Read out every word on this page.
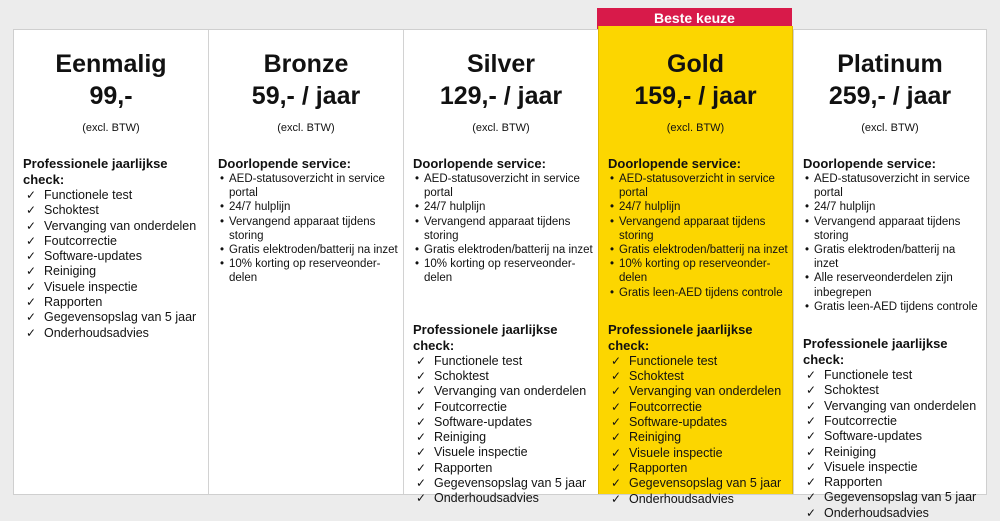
Beste keuze
Eenmalig
99,-
(excl. BTW)
Professionele jaarlijkse check:
✓ Functionele test
✓ Schoktest
✓ Vervanging van onderdelen
✓ Foutcorrectie
✓ Software-updates
✓ Reiniging
✓ Visuele inspectie
✓ Rapporten
✓ Gegevensopslag van 5 jaar
✓ Onderhoudsadvies
Bronze
59,- / jaar
(excl. BTW)
Doorlopende service:
• AED-statusoverzicht in service portal
• 24/7 hulplijn
• Vervangend apparaat tijdens storing
• Gratis elektroden/batterij na inzet
• 10% korting op reserveonder- delen
Silver
129,- / jaar
(excl. BTW)
Doorlopende service:
• AED-statusoverzicht in service portal
• 24/7 hulplijn
• Vervangend apparaat tijdens storing
• Gratis elektroden/batterij na inzet
• 10% korting op reserveonder- delen
Professionele jaarlijkse check:
✓ Functionele test
✓ Schoktest
✓ Vervanging van onderdelen
✓ Foutcorrectie
✓ Software-updates
✓ Reiniging
✓ Visuele inspectie
✓ Rapporten
✓ Gegevensopslag van 5 jaar
✓ Onderhoudsadvies
Gold
159,- / jaar
(excl. BTW)
Doorlopende service:
• AED-statusoverzicht in service portal
• 24/7 hulplijn
• Vervangend apparaat tijdens storing
• Gratis elektroden/batterij na inzet
• 10% korting op reserveonder- delen
• Gratis leen-AED tijdens controle
Professionele jaarlijkse check:
✓ Functionele test
✓ Schoktest
✓ Vervanging van onderdelen
✓ Foutcorrectie
✓ Software-updates
✓ Reiniging
✓ Visuele inspectie
✓ Rapporten
✓ Gegevensopslag van 5 jaar
✓ Onderhoudsadvies
Platinum
259,- / jaar
(excl. BTW)
Doorlopende service:
• AED-statusoverzicht in service portal
• 24/7 hulplijn
• Vervangend apparaat tijdens storing
• Gratis elektroden/batterij na inzet
• Alle reserveonderdelen zijn inbegrepen
• Gratis leen-AED tijdens controle
Professionele jaarlijkse check:
✓ Functionele test
✓ Schoktest
✓ Vervanging van onderdelen
✓ Foutcorrectie
✓ Software-updates
✓ Reiniging
✓ Visuele inspectie
✓ Rapporten
✓ Gegevensopslag van 5 jaar
✓ Onderhoudsadvies
